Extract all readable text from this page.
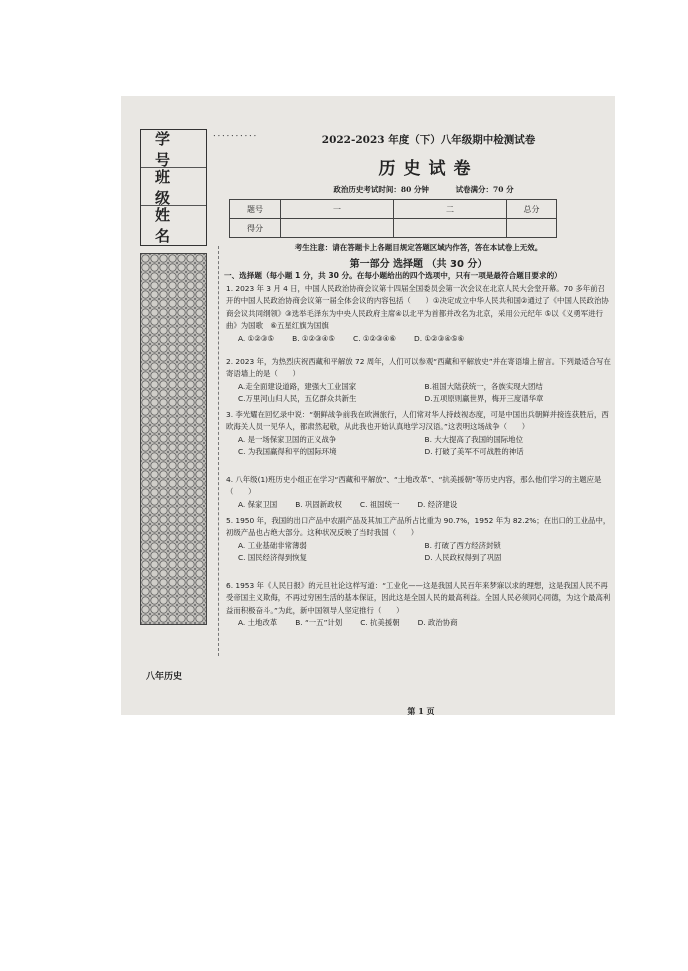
学号
班级
姓名
八年历史
．．．．．．．．．．	2022-2023 年度（下）八年级期中检测试卷
历史试卷
政治历史考试时间：80 分钟	试卷满分：70 分
题号	一	二	总分
得分			
考生注意：请在答题卡上各题目规定答题区域内作答，答在本试卷上无效。
第一部分 选择题 （共 30 分）
一、选择题（每小题 1 分，共 30 分。在每小题给出的四个选项中，只有一项是最符合题目要求的）

1. 2023 年 3 月 4 日，中国人民政治协商会议第十四届全国委员会第一次会议在北京人民大会堂开幕。70 多年前召开的中国人民政治协商会议第一届全体会议的内容包括（　　）①决定成立中华人民共和国②通过了《中国人民政治协商会议共同纲领》③选举毛泽东为中央人民政府主席④以北平为首都并改名为北京，采用公元纪年 ⑤以《义勇军进行曲》为国歌　⑥五星红旗为国旗

A. ①②③⑤ B. ①②③④⑤ C. ①②③④⑥ D. ①②③④⑤⑥

2. 2023 年，为热烈庆祝西藏和平解放 72 周年，人们可以参观“西藏和平解放史”并在寄语墙上留言。下列最适合写在寄语墙上的是（　　）

A.走全面建设道路，建强大工业国家	B.祖国大陆获统一，各族实现大团结
C.万里河山归人民，五亿群众共新生	D.五项原则赢世界，梅开三度谱华章

3. 李光耀在回忆录中说：“朝鲜战争前我在欧洲旅行，人们常对华人持歧视态度，可是中国出兵朝鲜并接连获胜后，西欧海关人员一见华人，都肃然起敬，从此我也开始认真地学习汉语。”这表明这场战争（　　）

A. 是一场保家卫国的正义战争	B. 大大提高了我国的国际地位
C. 为我国赢得和平的国际环境	D. 打破了美军不可战胜的神话

4. 八年级(1)班历史小组正在学习“西藏和平解放”、“土地改革”、“抗美援朝”等历史内容，那么他们学习的主题应是（　　）

A. 保家卫国 B. 巩固新政权 C. 祖国统一 D. 经济建设

5. 1950 年，我国的出口产品中农副产品及其加工产品所占比重为 90.7%，1952 年为 82.2%；在出口的工业品中，初级产品也占绝大部分。这种状况反映了当时我国（　　）

A. 工业基础非常薄弱	B. 打破了西方经济封锁
C. 国民经济得到恢复	D. 人民政权得到了巩固

6. 1953 年《人民日报》的元旦社论这样写道：“工业化——这是我国人民百年来梦寐以求的理想，这是我国人民不再受帝国主义欺侮，不再过穷困生活的基本保证，因此这是全国人民的最高利益。全国人民必须同心同德，为这个最高利益而积极奋斗。”为此，新中国领导人坚定推行（　　）

A. 土地改革 B. “一五”计划 C. 抗美援朝 D. 政治协商
第 1 页
